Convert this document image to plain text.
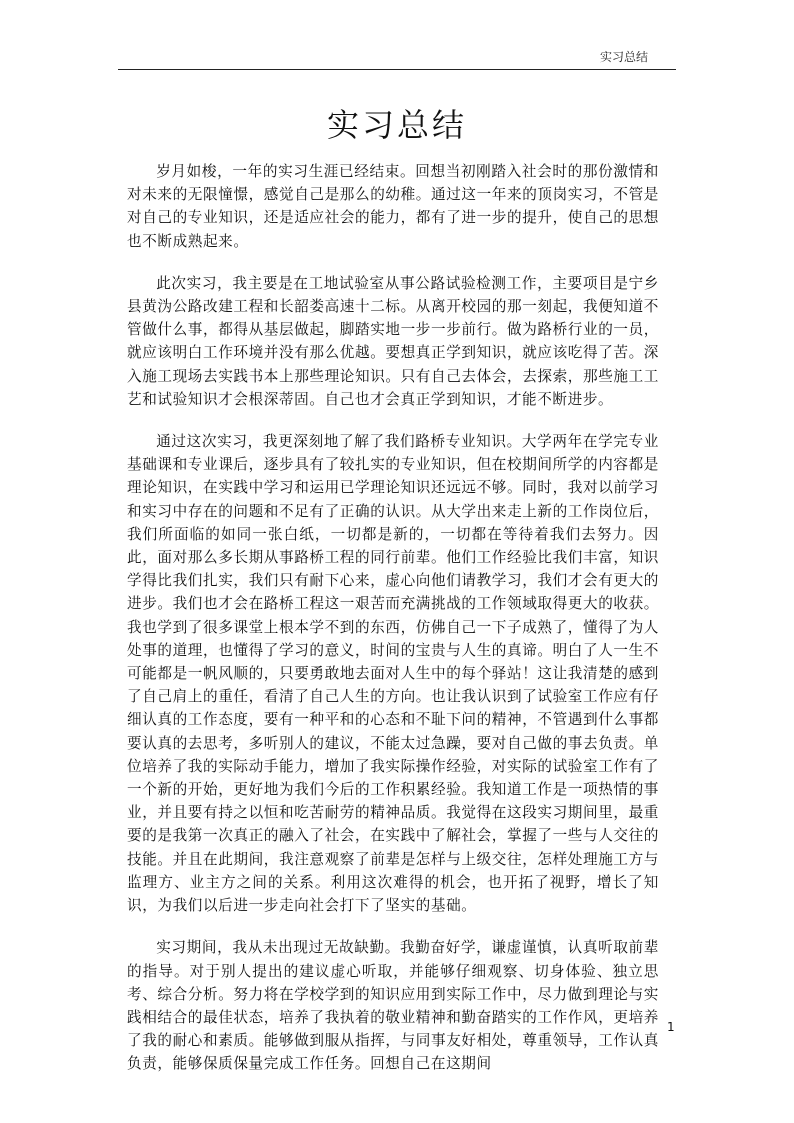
实习总结
实习总结

岁月如梭，一年的实习生涯已经结束。回想当初刚踏入社会时的那份激情和对未来的无限憧憬，感觉自己是那么的幼稚。通过这一年来的顶岗实习，不管是对自己的专业知识，还是适应社会的能力，都有了进一步的提升，使自己的思想也不断成熟起来。

此次实习，我主要是在工地试验室从事公路试验检测工作，主要项目是宁乡县黄沩公路改建工程和长韶娄高速十二标。从离开校园的那一刻起，我便知道不管做什么事，都得从基层做起，脚踏实地一步一步前行。做为路桥行业的一员，就应该明白工作环境并没有那么优越。要想真正学到知识，就应该吃得了苦。深入施工现场去实践书本上那些理论知识。只有自己去体会，去探索，那些施工工艺和试验知识才会根深蒂固。自己也才会真正学到知识，才能不断进步。

通过这次实习，我更深刻地了解了我们路桥专业知识。大学两年在学完专业基础课和专业课后，逐步具有了较扎实的专业知识，但在校期间所学的内容都是理论知识，在实践中学习和运用已学理论知识还远远不够。同时，我对以前学习和实习中存在的问题和不足有了正确的认识。从大学出来走上新的工作岗位后，我们所面临的如同一张白纸，一切都是新的，一切都在等待着我们去努力。因此，面对那么多长期从事路桥工程的同行前辈。他们工作经验比我们丰富，知识学得比我们扎实，我们只有耐下心来，虚心向他们请教学习，我们才会有更大的进步。我们也才会在路桥工程这一艰苦而充满挑战的工作领域取得更大的收获。我也学到了很多课堂上根本学不到的东西，仿佛自己一下子成熟了，懂得了为人处事的道理，也懂得了学习的意义，时间的宝贵与人生的真谛。明白了人一生不可能都是一帆风顺的，只要勇敢地去面对人生中的每个驿站！这让我清楚的感到了自己肩上的重任，看清了自己人生的方向。也让我认识到了试验室工作应有仔细认真的工作态度，要有一种平和的心态和不耻下问的精神，不管遇到什么事都要认真的去思考，多听别人的建议，不能太过急躁，要对自己做的事去负责。单位培养了我的实际动手能力，增加了我实际操作经验，对实际的试验室工作有了一个新的开始，更好地为我们今后的工作积累经验。我知道工作是一项热情的事业，并且要有持之以恒和吃苦耐劳的精神品质。我觉得在这段实习期间里，最重要的是我第一次真正的融入了社会，在实践中了解社会，掌握了一些与人交往的技能。并且在此期间，我注意观察了前辈是怎样与上级交往，怎样处理施工方与监理方、业主方之间的关系。利用这次难得的机会，也开拓了视野，增长了知识，为我们以后进一步走向社会打下了坚实的基础。

实习期间，我从未出现过无故缺勤。我勤奋好学，谦虚谨慎，认真听取前辈的指导。对于别人提出的建议虚心听取，并能够仔细观察、切身体验、独立思考、综合分析。努力将在学校学到的知识应用到实际工作中，尽力做到理论与实践相结合的最佳状态，培养了我执着的敬业精神和勤奋踏实的工作作风，更培养了我的耐心和素质。能够做到服从指挥，与同事友好相处，尊重领导，工作认真负责，能够保质保量完成工作任务。回想自己在这期间

1
